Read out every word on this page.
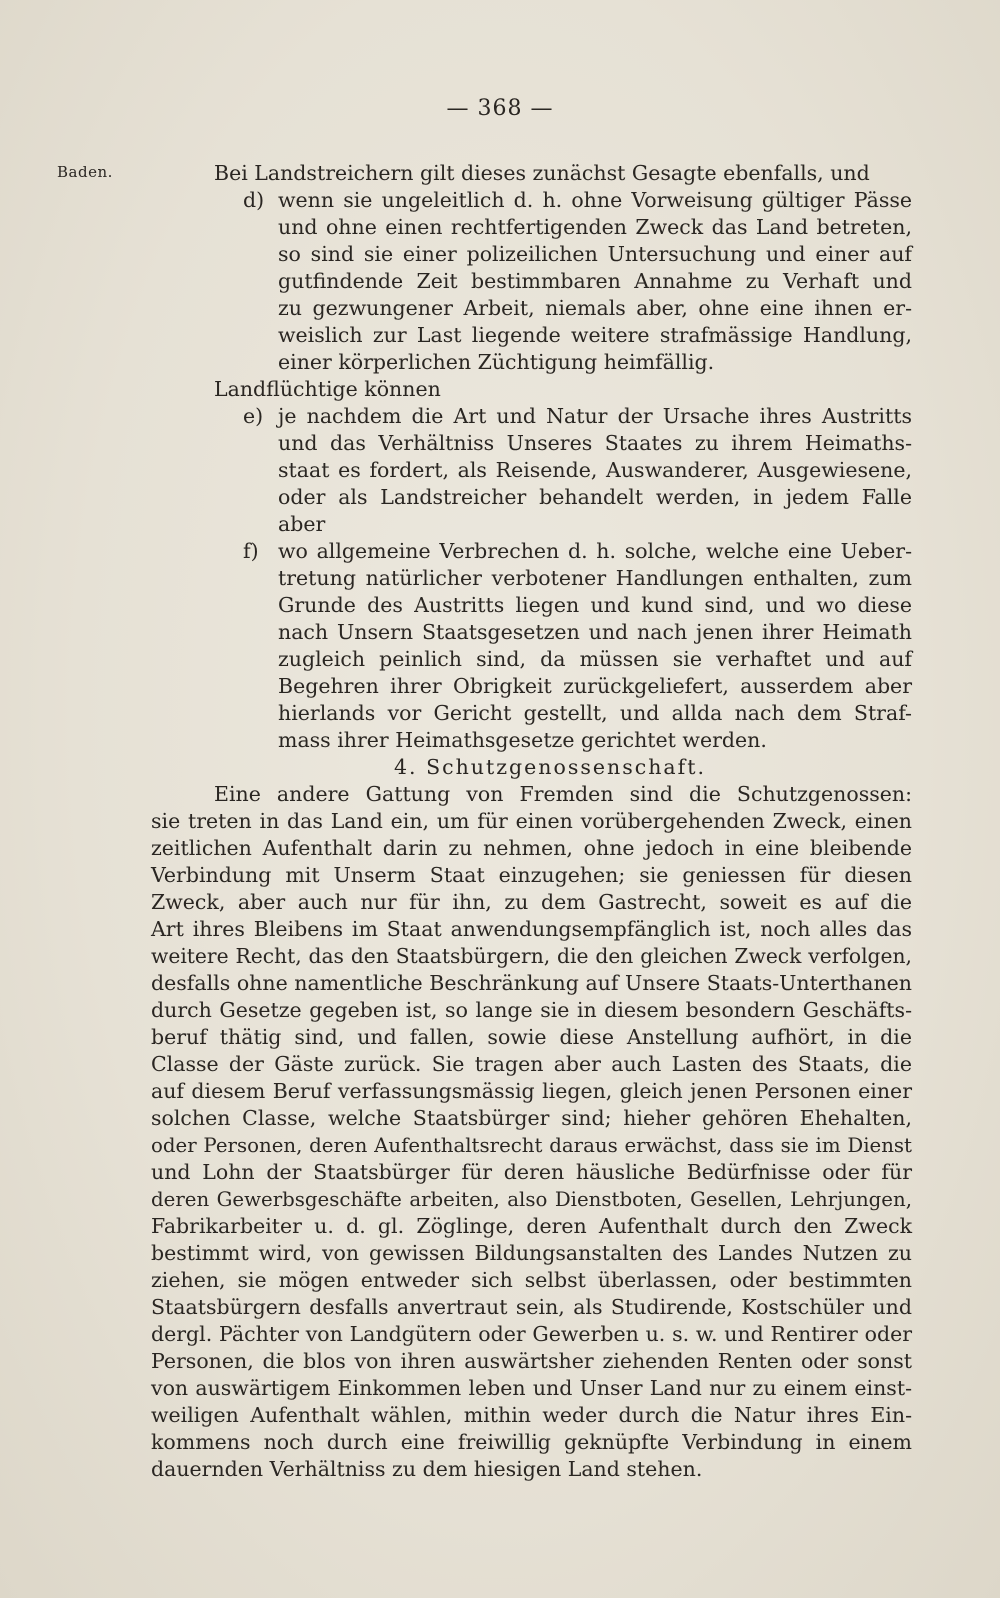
— 368 —
Baden.	Bei Landstreichern gilt dieses zunächst Gesagte ebenfalls, und
d) wenn sie ungeleitlich d. h. ohne Vorweisung gültiger Pässe
und ohne einen rechtfertigenden Zweck das Land betreten,
so sind sie einer polizeilichen Untersuchung und einer auf
gutfindende Zeit bestimmbaren Annahme zu Verhaft und
zu gezwungener Arbeit, niemals aber, ohne eine ihnen er-
weislich zur Last liegende weitere strafmässige Handlung,
einer körperlichen Züchtigung heimfällig.
Landflüchtige können
e) je nachdem die Art und Natur der Ursache ihres Austritts
und das Verhältniss Unseres Staates zu ihrem Heimaths-
staat es fordert, als Reisende, Auswanderer, Ausgewiesene,
oder als Landstreicher behandelt werden, in jedem Falle
aber
f) wo allgemeine Verbrechen d. h. solche, welche eine Ueber-
tretung natürlicher verbotener Handlungen enthalten, zum
Grunde des Austritts liegen und kund sind, und wo diese
nach Unsern Staatsgesetzen und nach jenen ihrer Heimath
zugleich peinlich sind, da müssen sie verhaftet und auf
Begehren ihrer Obrigkeit zurückgeliefert, ausserdem aber
hierlands vor Gericht gestellt, und allda nach dem Straf-
mass ihrer Heimathsgesetze gerichtet werden.
4. Schutzgenossenschaft.
Eine andere Gattung von Fremden sind die Schutzgenossen:
sie treten in das Land ein, um für einen vorübergehenden Zweck, einen
zeitlichen Aufenthalt darin zu nehmen, ohne jedoch in eine bleibende
Verbindung mit Unserm Staat einzugehen; sie geniessen für diesen
Zweck, aber auch nur für ihn, zu dem Gastrecht, soweit es auf die
Art ihres Bleibens im Staat anwendungsempfänglich ist, noch alles das
weitere Recht, das den Staatsbürgern, die den gleichen Zweck verfolgen,
desfalls ohne namentliche Beschränkung auf Unsere Staats-Unterthanen
durch Gesetze gegeben ist, so lange sie in diesem besondern Geschäfts-
beruf thätig sind, und fallen, sowie diese Anstellung aufhört, in die
Classe der Gäste zurück. Sie tragen aber auch Lasten des Staats, die
auf diesem Beruf verfassungsmässig liegen, gleich jenen Personen einer
solchen Classe, welche Staatsbürger sind; hieher gehören Ehehalten,
oder Personen, deren Aufenthaltsrecht daraus erwächst, dass sie im Dienst
und Lohn der Staatsbürger für deren häusliche Bedürfnisse oder für
deren Gewerbsgeschäfte arbeiten, also Dienstboten, Gesellen, Lehrjungen,
Fabrikarbeiter u. d. gl. Zöglinge, deren Aufenthalt durch den Zweck
bestimmt wird, von gewissen Bildungsanstalten des Landes Nutzen zu
ziehen, sie mögen entweder sich selbst überlassen, oder bestimmten
Staatsbürgern desfalls anvertraut sein, als Studirende, Kostschüler und
dergl. Pächter von Landgütern oder Gewerben u. s. w. und Rentirer oder
Personen, die blos von ihren auswärtsher ziehenden Renten oder sonst
von auswärtigem Einkommen leben und Unser Land nur zu einem einst-
weiligen Aufenthalt wählen, mithin weder durch die Natur ihres Ein-
kommens noch durch eine freiwillig geknüpfte Verbindung in einem
dauernden Verhältniss zu dem hiesigen Land stehen.
